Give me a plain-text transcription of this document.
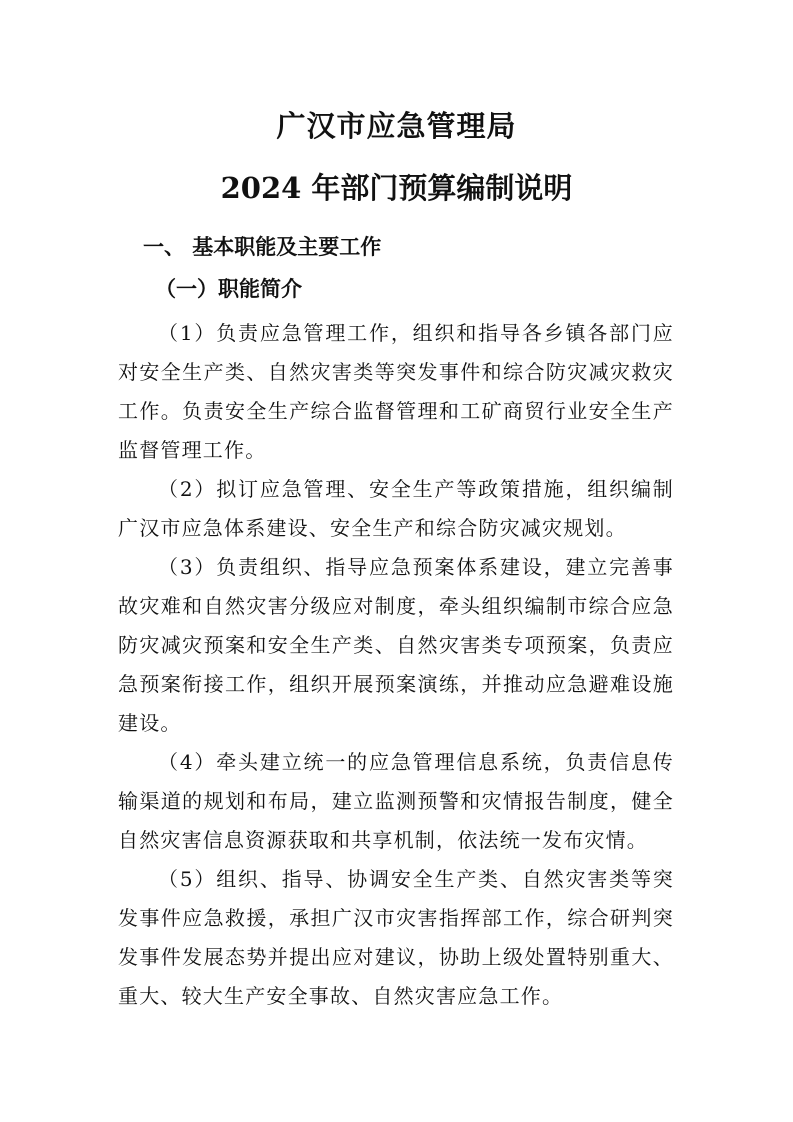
广汉市应急管理局
2024 年部门预算编制说明
一、 基本职能及主要工作
（一）职能简介

（1）负责应急管理工作，组织和指导各乡镇各部门应对安全生产类、自然灾害类等突发事件和综合防灾减灾救灾工作。负责安全生产综合监督管理和工矿商贸行业安全生产监督管理工作。

（2）拟订应急管理、安全生产等政策措施，组织编制广汉市应急体系建设、安全生产和综合防灾减灾规划。

（3）负责组织、指导应急预案体系建设，建立完善事故灾难和自然灾害分级应对制度，牵头组织编制市综合应急防灾减灾预案和安全生产类、自然灾害类专项预案，负责应急预案衔接工作，组织开展预案演练，并推动应急避难设施建设。

（4）牵头建立统一的应急管理信息系统，负责信息传输渠道的规划和布局，建立监测预警和灾情报告制度，健全自然灾害信息资源获取和共享机制，依法统一发布灾情。

（5）组织、指导、协调安全生产类、自然灾害类等突发事件应急救援，承担广汉市灾害指挥部工作，综合研判突发事件发展态势并提出应对建议，协助上级处置特别重大、重大、较大生产安全事故、自然灾害应急工作。
